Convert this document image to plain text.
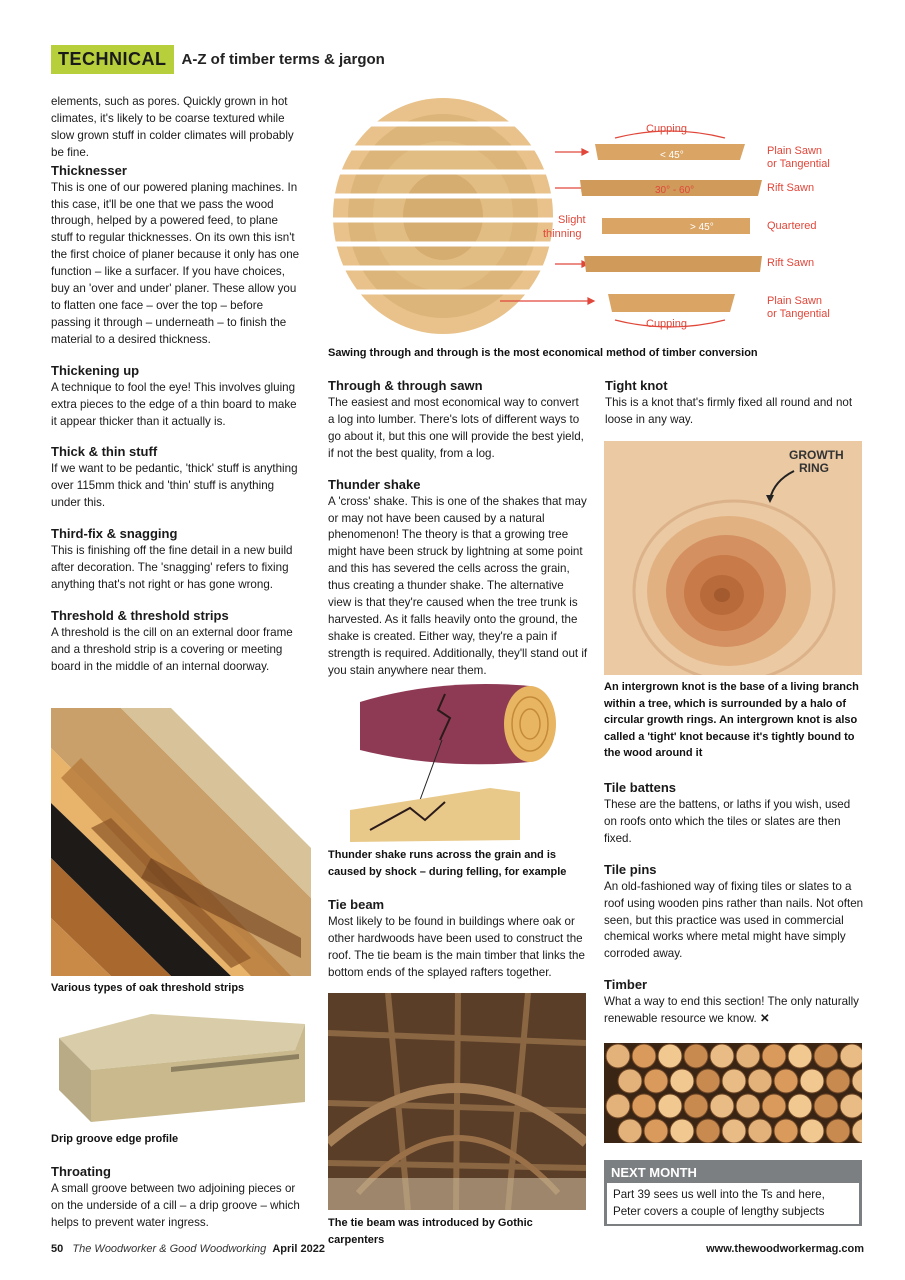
TECHNICAL	A-Z of timber terms & jargon

elements, such as pores. Quickly grown in hot climates, it's likely to be coarse textured while slow grown stuff in colder climates will probably be fine.

Thicknesser

This is one of our powered planing machines. In this case, it'll be one that we pass the wood through, helped by a powered feed, to plane stuff to regular thicknesses. On its own this isn't the first choice of planer because it only has one function – like a surfacer. If you have choices, buy an 'over and under' planer. These allow you to flatten one face – over the top – before passing it through – underneath – to finish the material to a desired thickness.

Thickening up

A technique to fool the eye! This involves gluing extra pieces to the edge of a thin board to make it appear thicker than it actually is.

Thick & thin stuff

If we want to be pedantic, 'thick' stuff is anything over 115mm thick and 'thin' stuff is anything under this.

Third-fix & snagging

This is finishing off the fine detail in a new build after decoration. The 'snagging' refers to fixing anything that's not right or has gone wrong.

Threshold & threshold strips

A threshold is the cill on an external door frame and a threshold strip is a covering or meeting board in the middle of an internal doorway.

Various types of oak threshold strips
Drip groove edge profile
Throating

A small groove between two adjoining pieces or on the underside of a cill – a drip groove – which helps to prevent water ingress.

Cupping
< 45°
30° - 60°
> 45°
Slight
thinning
Cupping
Plain Sawn
or Tangential
Rift Sawn
Quartered
Rift Sawn
Plain Sawn
or Tangential
Sawing through and through is the most economical method of timber conversion
Through & through sawn

The easiest and most economical way to convert a log into lumber. There's lots of different ways to go about it, but this one will provide the best yield, if not the best quality, from a log.

Thunder shake

A 'cross' shake. This is one of the shakes that may or may not have been caused by a natural phenomenon! The theory is that a growing tree might have been struck by lightning at some point and this has severed the cells across the grain, thus creating a thunder shake. The alternative view is that they're caused when the tree trunk is harvested. As it falls heavily onto the ground, the shake is created. Either way, they're a pain if strength is required. Additionally, they'll stand out if you stain anywhere near them.

Thunder shake runs across the grain and is caused by shock – during felling, for example
Tie beam

Most likely to be found in buildings where oak or other hardwoods have been used to construct the roof. The tie beam is the main timber that links the bottom ends of the splayed rafters together.

The tie beam was introduced by Gothic carpenters
Tight knot

This is a knot that's firmly fixed all round and not loose in any way.

GROWTH
RING
An intergrown knot is the base of a living branch within a tree, which is surrounded by a halo of circular growth rings. An intergrown knot is also called a 'tight' knot because it's tightly bound to the wood around it
Tile battens

These are the battens, or laths if you wish, used on roofs onto which the tiles or slates are then fixed.

Tile pins

An old-fashioned way of fixing tiles or slates to a roof using wooden pins rather than nails. Not often seen, but this practice was used in commercial chemical works where metal might have simply corroded away.

Timber

What a way to end this section! The only naturally renewable resource we know. ✕

NEXT MONTH
Part 39 sees us well into the Ts and here, Peter covers a couple of lengthy subjects
50 The Woodworker & Good Woodworking April 2022	www.thewoodworkermag.com
